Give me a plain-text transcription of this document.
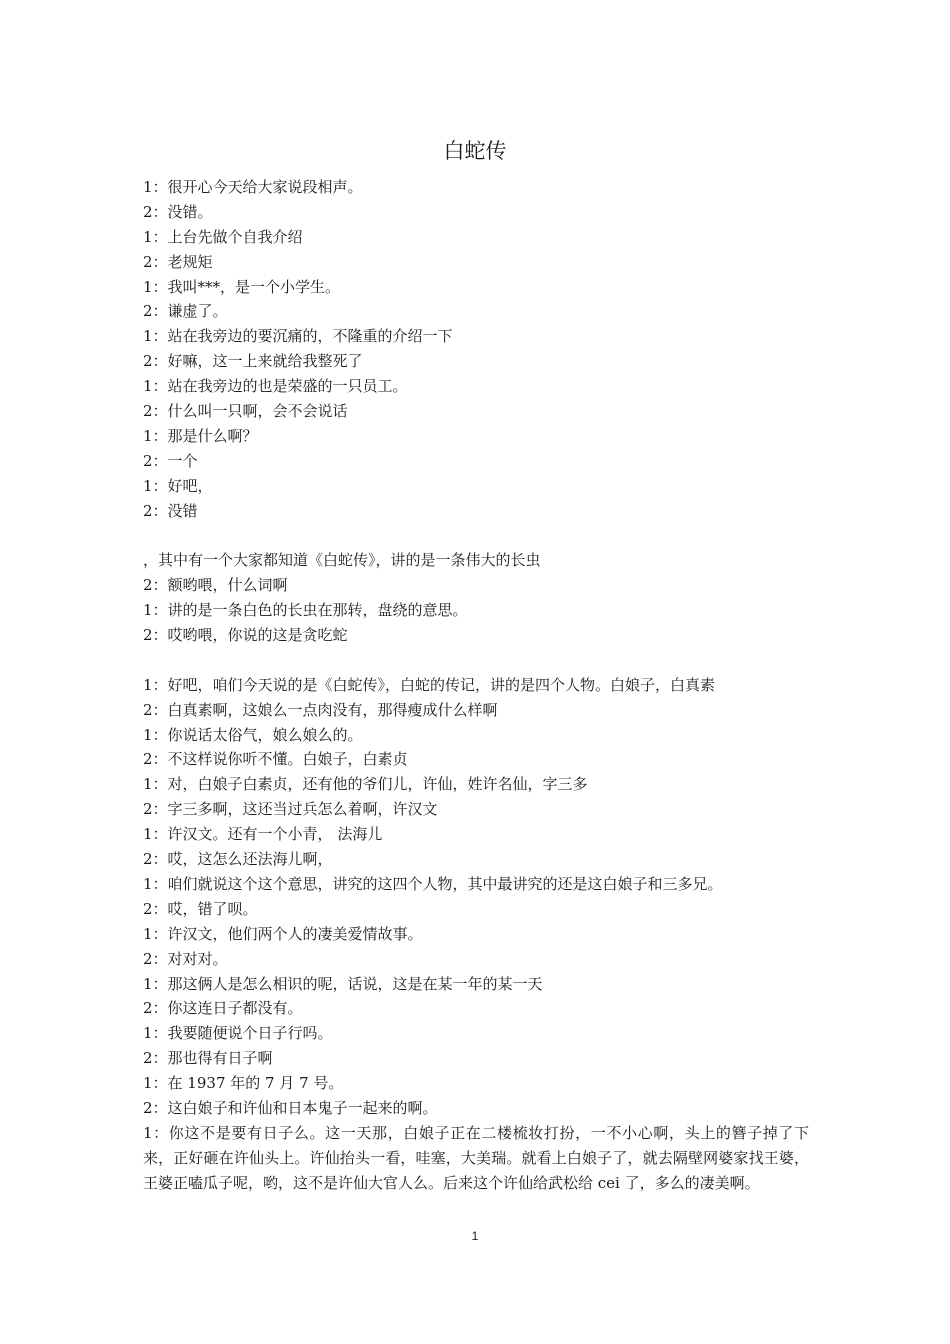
白蛇传
1：很开心今天给大家说段相声。
2：没错。
1：上台先做个自我介绍
2：老规矩
1：我叫***，是一个小学生。
2：谦虚了。
1：站在我旁边的要沉痛的，不隆重的介绍一下
2：好嘛，这一上来就给我整死了
1：站在我旁边的也是荣盛的一只员工。
2：什么叫一只啊，会不会说话
1：那是什么啊？
2：一个
1：好吧，
2：没错
，其中有一个大家都知道《白蛇传》，讲的是一条伟大的长虫
2：额哟喂，什么词啊
1：讲的是一条白色的长虫在那转，盘绕的意思。
2：哎哟喂，你说的这是贪吃蛇
1：好吧，咱们今天说的是《白蛇传》，白蛇的传记，讲的是四个人物。白娘子，白真素
2：白真素啊，这娘么一点肉没有，那得瘦成什么样啊
1：你说话太俗气，娘么娘么的。
2：不这样说你听不懂。白娘子，白素贞
1：对，白娘子白素贞，还有他的爷们儿，许仙，姓许名仙，字三多
2：字三多啊，这还当过兵怎么着啊，许汉文
1：许汉文。还有一个小青， 法海儿
2：哎，这怎么还法海儿啊，
1：咱们就说这个这个意思，讲究的这四个人物，其中最讲究的还是这白娘子和三多兄。
2：哎，错了呗。
1：许汉文，他们两个人的凄美爱情故事。
2：对对对。
1：那这俩人是怎么相识的呢，话说，这是在某一年的某一天
2：你这连日子都没有。
1：我要随便说个日子行吗。
2：那也得有日子啊
1：在 1937 年的 7 月 7 号。
2：这白娘子和许仙和日本鬼子一起来的啊。
1：你这不是要有日子么。这一天那，白娘子正在二楼梳妆打扮，一不小心啊，头上的簪子掉了下来，正好砸在许仙头上。许仙抬头一看，哇塞，大美瑞。就看上白娘子了，就去隔壁网婆家找王婆，王婆正嗑瓜子呢，哟，这不是许仙大官人么。后来这个许仙给武松给 cei 了，多么的凄美啊。
1
